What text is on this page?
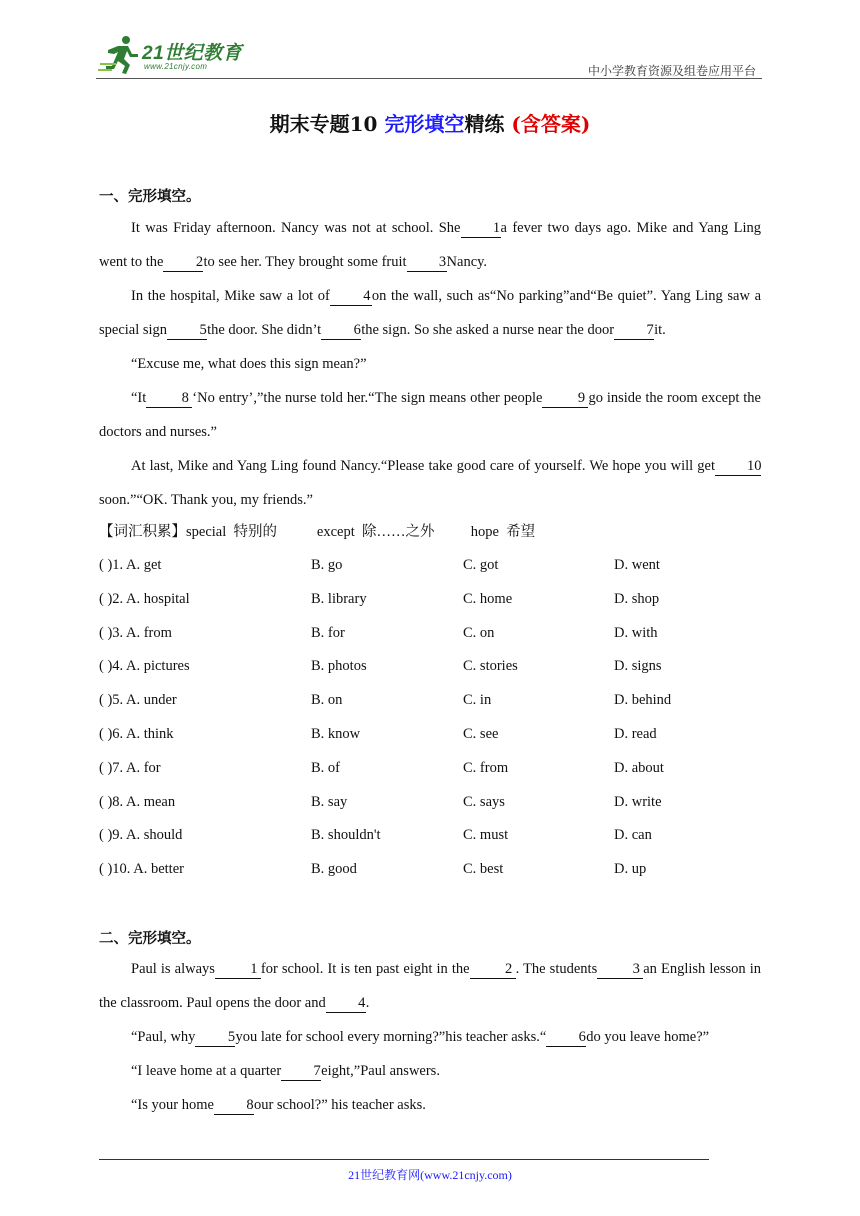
21世纪教育
www.21cnjy.com	中小学教育资源及组卷应用平台
期末专题10 完形填空精练 (含答案)
一、完形填空。

It was Friday afternoon. Nancy was not at school. She 1a fever two days ago. Mike and Yang Ling went to the 2to see her. They brought some fruit 3Nancy.

In the hospital, Mike saw a lot of 4on the wall, such as“No parking”and“Be quiet”. Yang Ling saw a special sign 5the door. She didn’t 6the sign. So she asked a nurse near the door 7it.

“Excuse me, what does this sign mean?”

“It 8 ‘No entry’,”the nurse told her.“The sign means other people 9 go inside the room except the doctors and nurses.”

At last, Mike and Yang Ling found Nancy.“Please take good care of yourself. We hope you will get 10soon.”“OK. Thank you, my friends.”

【词汇积累】special  特别的           except  除……之外          hope  希望
( )1. A. get	B. go	C. got	D. went
( )2. A. hospital	B. library	C. home	D. shop
( )3. A. from	B. for	C. on	D. with
( )4. A. pictures	B. photos	C. stories	D. signs
( )5. A. under	B. on	C. in	D. behind
( )6. A. think	B. know	C. see	D. read
( )7. A. for	B. of	C. from	D. about
( )8. A. mean	B. say	C. says	D. write
( )9. A. should	B. shouldn't	C. must	D. can
( )10. A. better	B. good	C. best	D. up
二、完形填空。

Paul is always 1 for school. It is ten past eight in the 2 . The students 3 an English lesson in the classroom. Paul opens the door and 4.

“Paul, why 5you late for school every morning?”his teacher asks.“ 6do you leave home?”

“I leave home at a quarter 7eight,”Paul answers.

“Is your home 8our school?” his teacher asks.

21世纪教育网(www.21cnjy.com)
